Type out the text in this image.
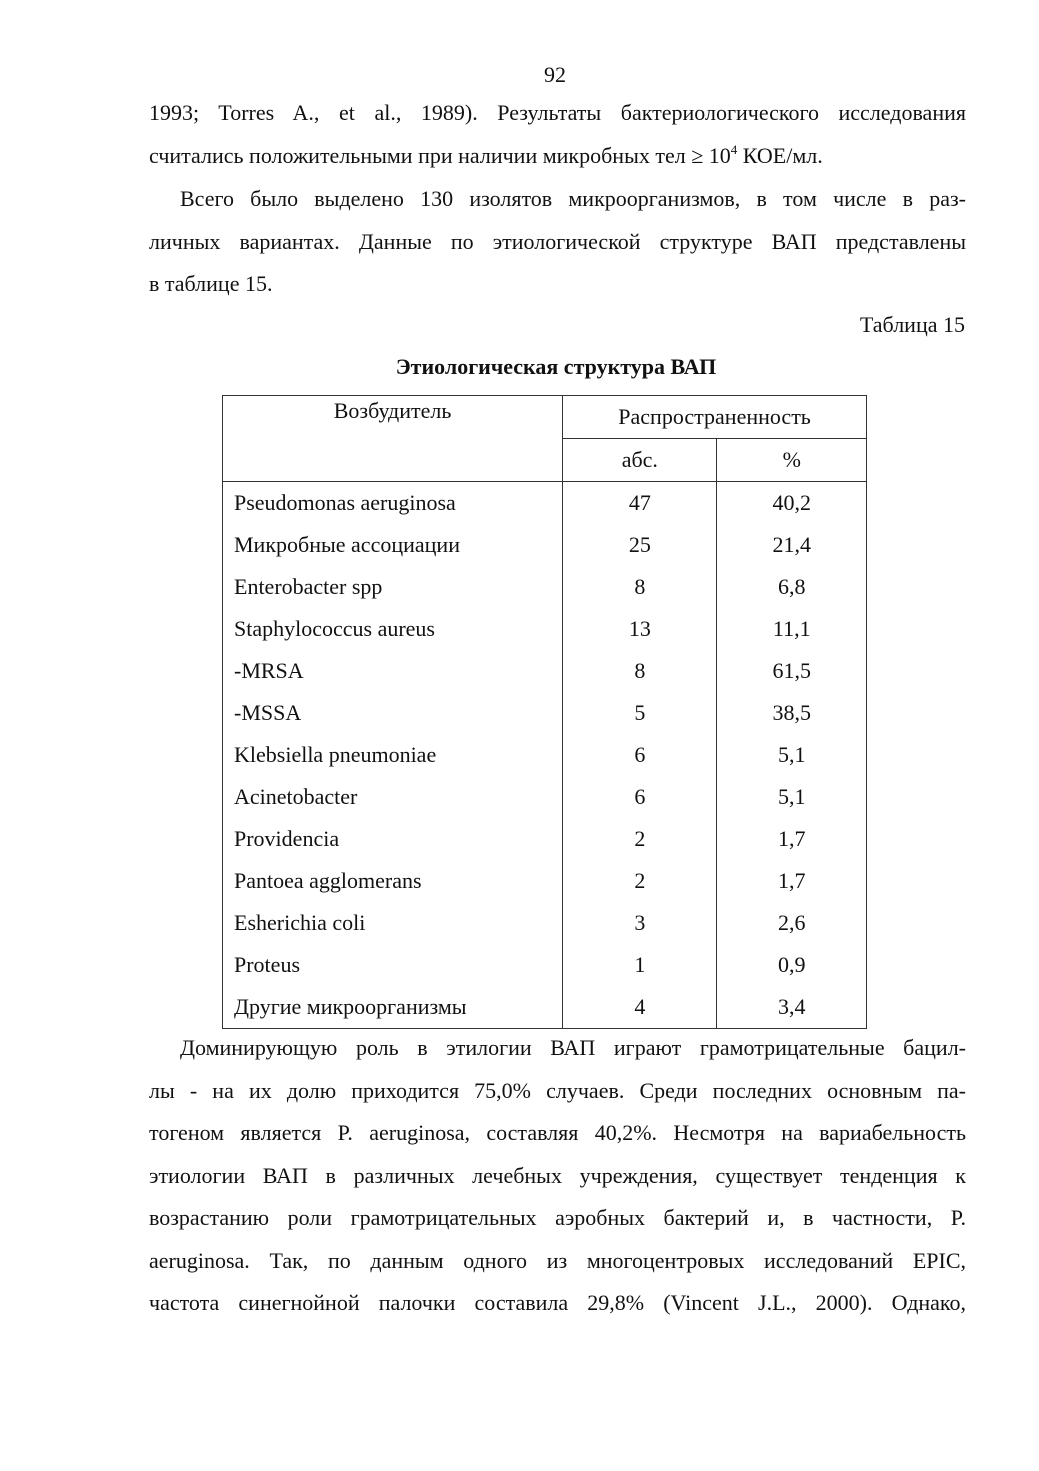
92

1993; Torres A., et al., 1989). Результаты бактериологического исследования
считались положительными при наличии микробных тел ≥ $10^4$ КОЕ/мл.

Всего было выделено 130 изолятов микроорганизмов, в том числе в раз-
личных вариантах. Данные по этиологической структуре ВАП представлены
в таблице 15.

Таблица 15
Этиологическая структура ВАП
Возбудитель	Распространенность	
	абс.	%
Pseudomonas aeruginosa	47	40,2
Микробные ассоциации	25	21,4
Enterobacter spp	8	6,8
Staphylococcus aureus	13	11,1
-MRSA	8	61,5
-MSSA	5	38,5
Klebsiella pneumoniae	6	5,1
Acinetobacter	6	5,1
Providencia	2	1,7
Pantoea agglomerans	2	1,7
Esherichia coli	3	2,6
Proteus	1	0,9
Другие микроорганизмы	4	3,4

Доминирующую роль в этилогии ВАП играют грамотрицательные бацил-
лы - на их долю приходится 75,0% случаев. Среди последних основным па-
тогеном является P. aeruginosa, составляя 40,2%. Несмотря на вариабельность
этиологии ВАП в различных лечебных учреждения, существует тенденция к
возрастанию роли грамотрицательных аэробных бактерий и, в частности, P.
aeruginosa. Так, по данным одного из многоцентровых исследований EPIC,
частота синегнойной палочки составила 29,8% (Vincent J.L., 2000). Однако,
